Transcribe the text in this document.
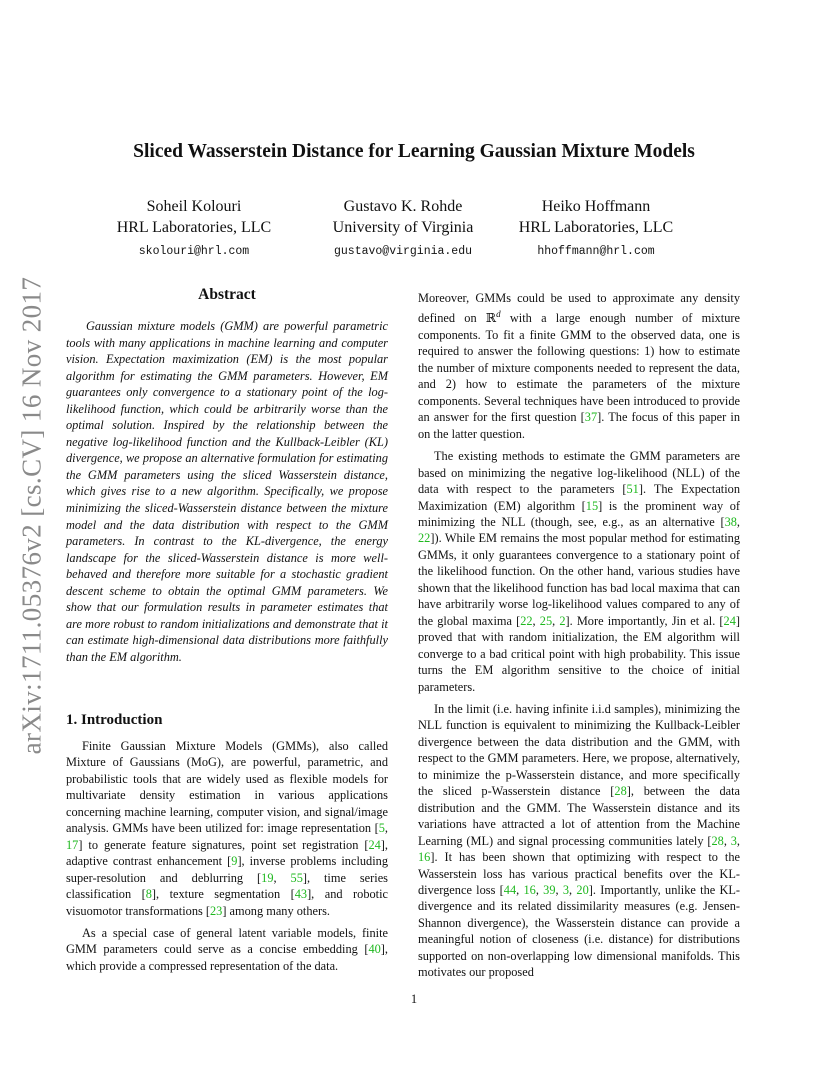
arXiv:1711.05376v2 [cs.CV] 16 Nov 2017
Sliced Wasserstein Distance for Learning Gaussian Mixture Models
Soheil Kolouri
HRL Laboratories, LLC
skolouri@hrl.com
Gustavo K. Rohde
University of Virginia
gustavo@virginia.edu
Heiko Hoffmann
HRL Laboratories, LLC
hhoffmann@hrl.com
Abstract

Gaussian mixture models (GMM) are powerful parametric tools with many applications in machine learning and computer vision. Expectation maximization (EM) is the most popular algorithm for estimating the GMM parameters. However, EM guarantees only convergence to a stationary point of the log-likelihood function, which could be arbitrarily worse than the optimal solution. Inspired by the relationship between the negative log-likelihood function and the Kullback-Leibler (KL) divergence, we propose an alternative formulation for estimating the GMM parameters using the sliced Wasserstein distance, which gives rise to a new algorithm. Specifically, we propose minimizing the sliced-Wasserstein distance between the mixture model and the data distribution with respect to the GMM parameters. In contrast to the KL-divergence, the energy landscape for the sliced-Wasserstein distance is more well-behaved and therefore more suitable for a stochastic gradient descent scheme to obtain the optimal GMM parameters. We show that our formulation results in parameter estimates that are more robust to random initializations and demonstrate that it can estimate high-dimensional data distributions more faithfully than the EM algorithm.

1. Introduction

Finite Gaussian Mixture Models (GMMs), also called Mixture of Gaussians (MoG), are powerful, parametric, and probabilistic tools that are widely used as flexible models for multivariate density estimation in various applications concerning machine learning, computer vision, and signal/image analysis. GMMs have been utilized for: image representation [5, 17] to generate feature signatures, point set registration [24], adaptive contrast enhancement [9], inverse problems including super-resolution and deblurring [19, 55], time series classification [8], texture segmentation [43], and robotic visuomotor transformations [23] among many others.

As a special case of general latent variable models, finite GMM parameters could serve as a concise embedding [40], which provide a compressed representation of the data.

Moreover, GMMs could be used to approximate any density defined on ℝ$^d$ with a large enough number of mixture components. To fit a finite GMM to the observed data, one is required to answer the following questions: 1) how to estimate the number of mixture components needed to represent the data, and 2) how to estimate the parameters of the mixture components. Several techniques have been introduced to provide an answer for the first question [37]. The focus of this paper in on the latter question.

The existing methods to estimate the GMM parameters are based on minimizing the negative log-likelihood (NLL) of the data with respect to the parameters [51]. The Expectation Maximization (EM) algorithm [15] is the prominent way of minimizing the NLL (though, see, e.g., as an alternative [38, 22]). While EM remains the most popular method for estimating GMMs, it only guarantees convergence to a stationary point of the likelihood function. On the other hand, various studies have shown that the likelihood function has bad local maxima that can have arbitrarily worse log-likelihood values compared to any of the global maxima [22, 25, 2]. More importantly, Jin et al. [24] proved that with random initialization, the EM algorithm will converge to a bad critical point with high probability. This issue turns the EM algorithm sensitive to the choice of initial parameters.

In the limit (i.e. having infinite i.i.d samples), minimizing the NLL function is equivalent to minimizing the Kullback-Leibler divergence between the data distribution and the GMM, with respect to the GMM parameters. Here, we propose, alternatively, to minimize the p-Wasserstein distance, and more specifically the sliced p-Wasserstein distance [28], between the data distribution and the GMM. The Wasserstein distance and its variations have attracted a lot of attention from the Machine Learning (ML) and signal processing communities lately [28, 3, 16]. It has been shown that optimizing with respect to the Wasserstein loss has various practical benefits over the KL-divergence loss [44, 16, 39, 3, 20]. Importantly, unlike the KL-divergence and its related dissimilarity measures (e.g. Jensen-Shannon divergence), the Wasserstein distance can provide a meaningful notion of closeness (i.e. distance) for distributions supported on non-overlapping low dimensional manifolds. This motivates our proposed

1
